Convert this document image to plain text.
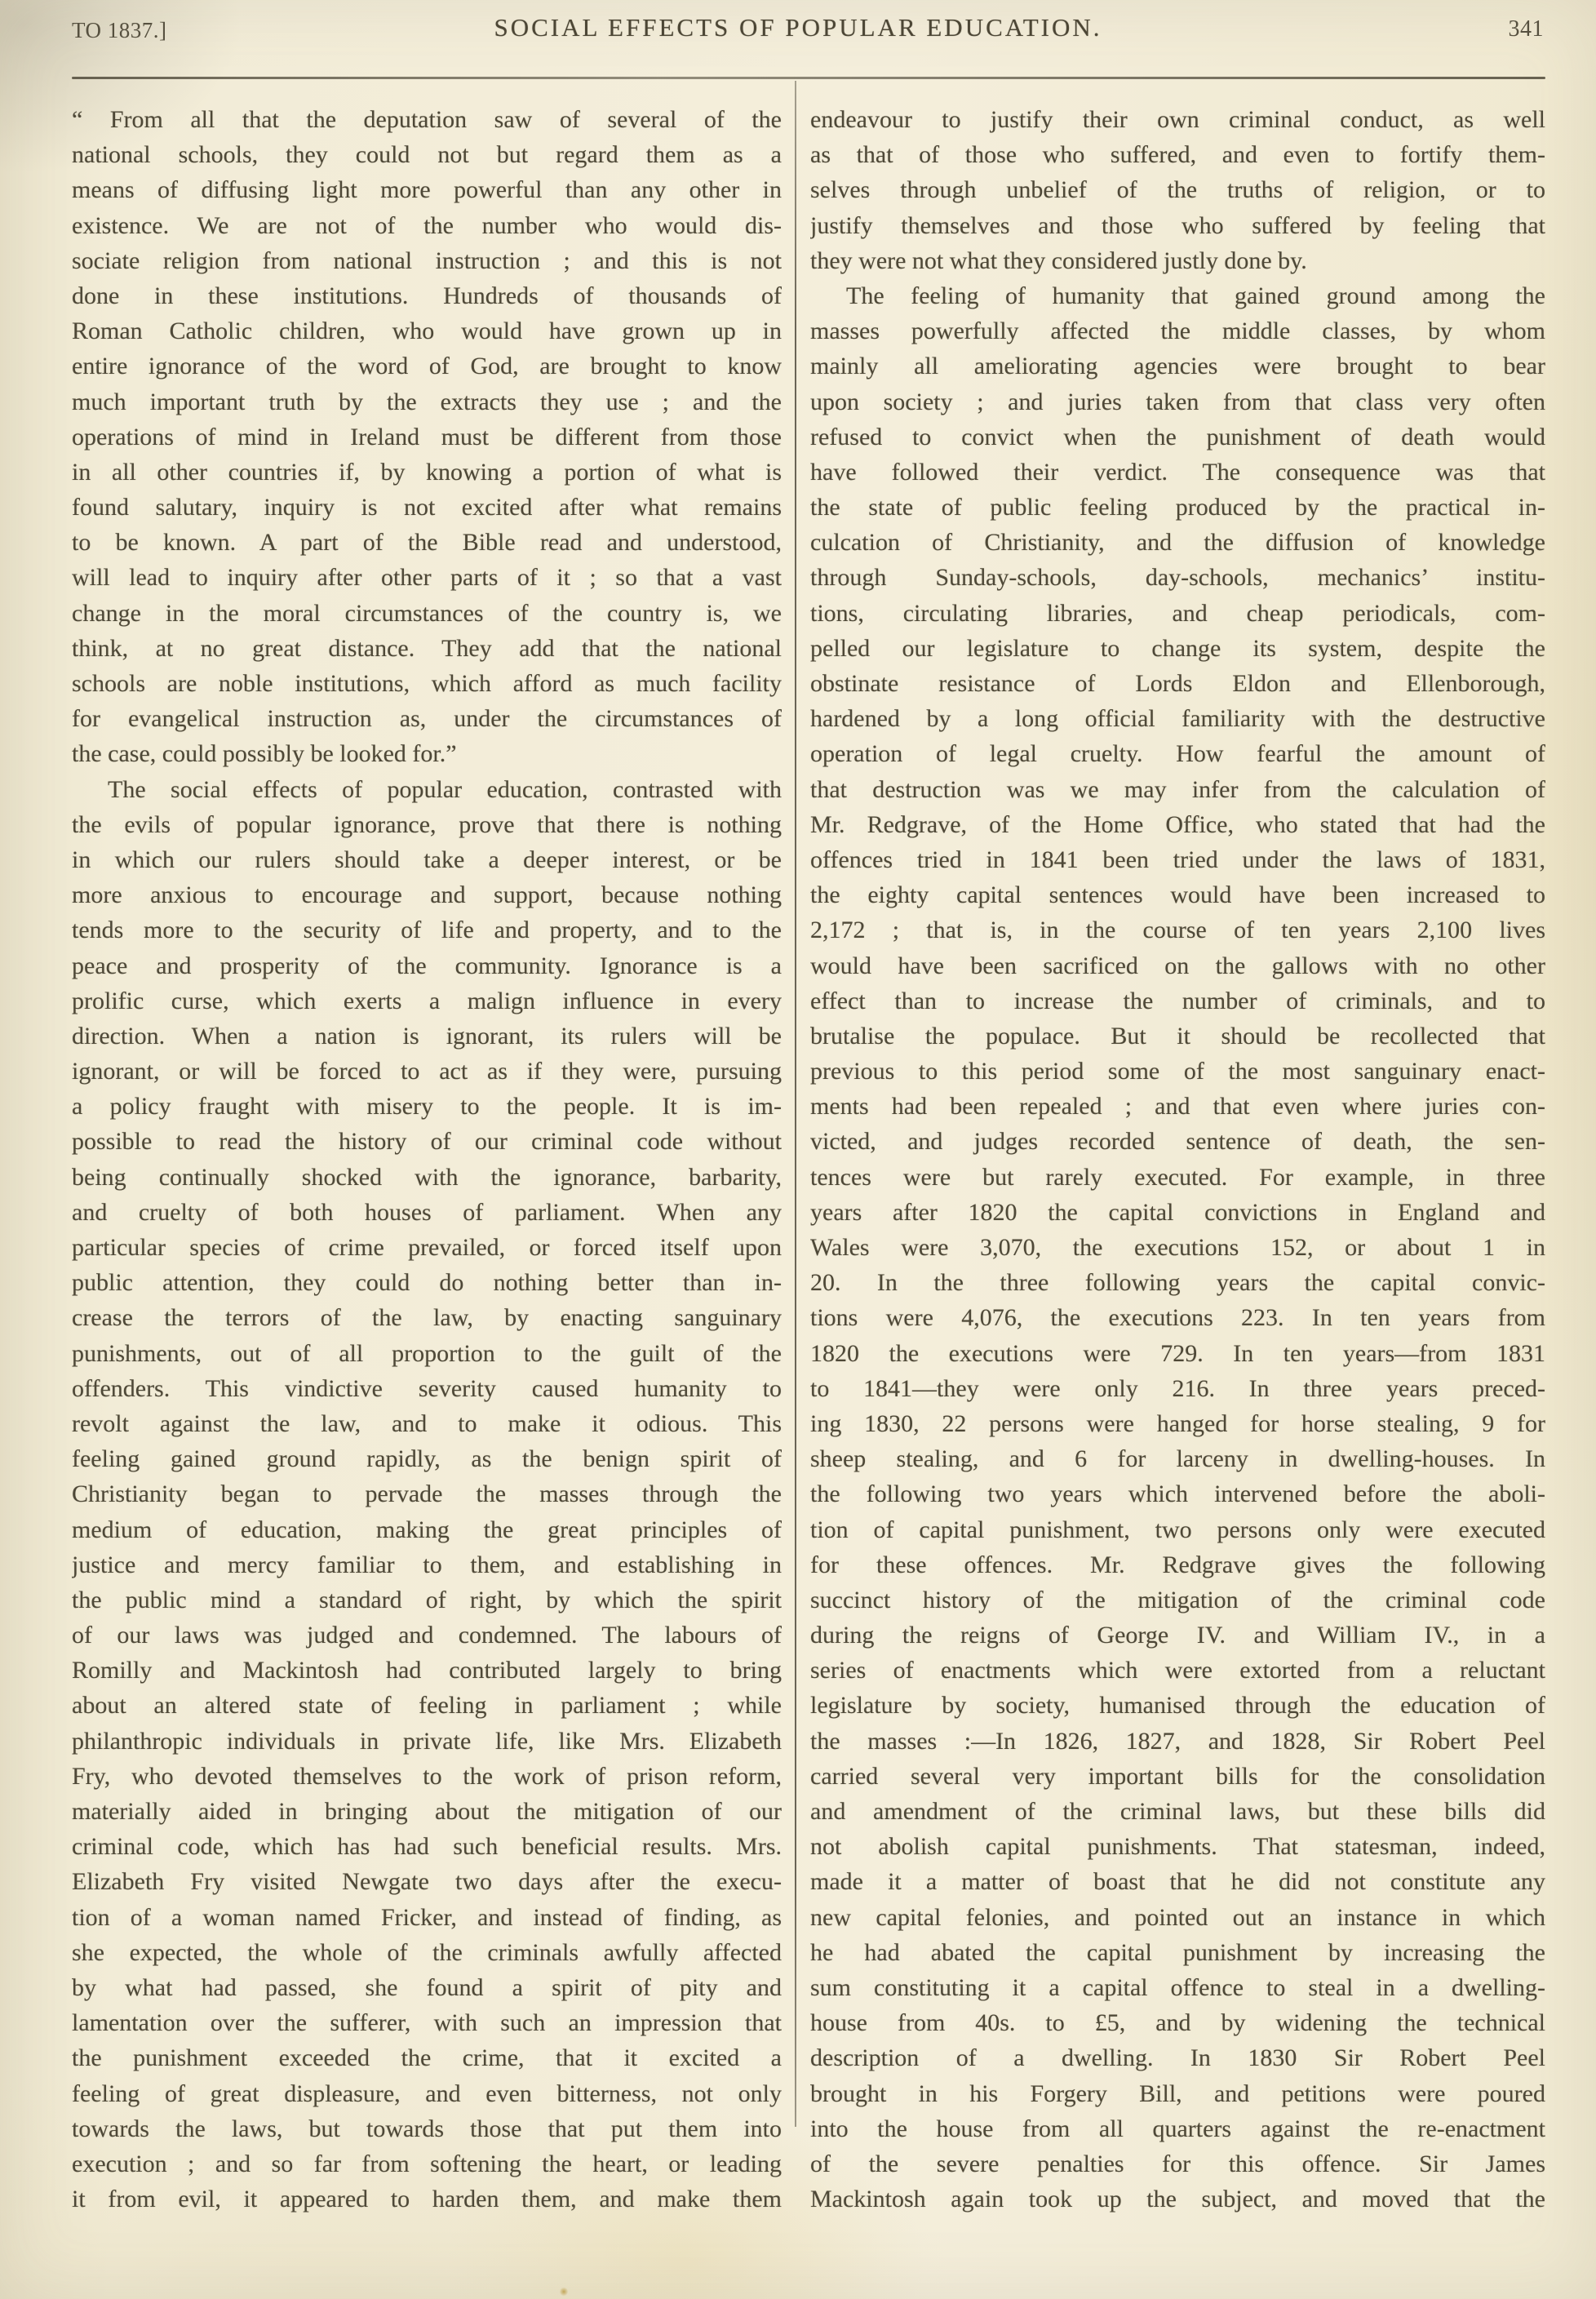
TO 1837.]	SOCIAL EFFECTS OF POPULAR EDUCATION.	341
“ From all that the deputation saw of several of the
national schools, they could not but regard them as a
means of diffusing light more powerful than any other in
existence. We are not of the number who would dis-
sociate religion from national instruction ; and this is not
done in these institutions. Hundreds of thousands of
Roman Catholic children, who would have grown up in
entire ignorance of the word of God, are brought to know
much important truth by the extracts they use ; and the
operations of mind in Ireland must be different from those
in all other countries if, by knowing a portion of what is
found salutary, inquiry is not excited after what remains
to be known. A part of the Bible read and understood,
will lead to inquiry after other parts of it ; so that a vast
change in the moral circumstances of the country is, we
think, at no great distance. They add that the national
schools are noble institutions, which afford as much facility
for evangelical instruction as, under the circumstances of
the case, could possibly be looked for.”
The social effects of popular education, contrasted with
the evils of popular ignorance, prove that there is nothing
in which our rulers should take a deeper interest, or be
more anxious to encourage and support, because nothing
tends more to the security of life and property, and to the
peace and prosperity of the community. Ignorance is a
prolific curse, which exerts a malign influence in every
direction. When a nation is ignorant, its rulers will be
ignorant, or will be forced to act as if they were, pursuing
a policy fraught with misery to the people. It is im-
possible to read the history of our criminal code without
being continually shocked with the ignorance, barbarity,
and cruelty of both houses of parliament. When any
particular species of crime prevailed, or forced itself upon
public attention, they could do nothing better than in-
crease the terrors of the law, by enacting sanguinary
punishments, out of all proportion to the guilt of the
offenders. This vindictive severity caused humanity to
revolt against the law, and to make it odious. This
feeling gained ground rapidly, as the benign spirit of
Christianity began to pervade the masses through the
medium of education, making the great principles of
justice and mercy familiar to them, and establishing in
the public mind a standard of right, by which the spirit
of our laws was judged and condemned. The labours of
Romilly and Mackintosh had contributed largely to bring
about an altered state of feeling in parliament ; while
philanthropic individuals in private life, like Mrs. Elizabeth
Fry, who devoted themselves to the work of prison reform,
materially aided in bringing about the mitigation of our
criminal code, which has had such beneficial results. Mrs.
Elizabeth Fry visited Newgate two days after the execu-
tion of a woman named Fricker, and instead of finding, as
she expected, the whole of the criminals awfully affected
by what had passed, she found a spirit of pity and
lamentation over the sufferer, with such an impression that
the punishment exceeded the crime, that it excited a
feeling of great displeasure, and even bitterness, not only
towards the laws, but towards those that put them into
execution ; and so far from softening the heart, or leading
it from evil, it appeared to harden them, and make them
endeavour to justify their own criminal conduct, as well
as that of those who suffered, and even to fortify them-
selves through unbelief of the truths of religion, or to
justify themselves and those who suffered by feeling that
they were not what they considered justly done by.
The feeling of humanity that gained ground among the
masses powerfully affected the middle classes, by whom
mainly all ameliorating agencies were brought to bear
upon society ; and juries taken from that class very often
refused to convict when the punishment of death would
have followed their verdict. The consequence was that
the state of public feeling produced by the practical in-
culcation of Christianity, and the diffusion of knowledge
through Sunday-schools, day-schools, mechanics’ institu-
tions, circulating libraries, and cheap periodicals, com-
pelled our legislature to change its system, despite the
obstinate resistance of Lords Eldon and Ellenborough,
hardened by a long official familiarity with the destructive
operation of legal cruelty. How fearful the amount of
that destruction was we may infer from the calculation of
Mr. Redgrave, of the Home Office, who stated that had the
offences tried in 1841 been tried under the laws of 1831,
the eighty capital sentences would have been increased to
2,172 ; that is, in the course of ten years 2,100 lives
would have been sacrificed on the gallows with no other
effect than to increase the number of criminals, and to
brutalise the populace. But it should be recollected that
previous to this period some of the most sanguinary enact-
ments had been repealed ; and that even where juries con-
victed, and judges recorded sentence of death, the sen-
tences were but rarely executed. For example, in three
years after 1820 the capital convictions in England and
Wales were 3,070, the executions 152, or about 1 in
20. In the three following years the capital convic-
tions were 4,076, the executions 223. In ten years from
1820 the executions were 729. In ten years—from 1831
to 1841—they were only 216. In three years preced-
ing 1830, 22 persons were hanged for horse stealing, 9 for
sheep stealing, and 6 for larceny in dwelling-houses. In
the following two years which intervened before the aboli-
tion of capital punishment, two persons only were executed
for these offences. Mr. Redgrave gives the following
succinct history of the mitigation of the criminal code
during the reigns of George IV. and William IV., in a
series of enactments which were extorted from a reluctant
legislature by society, humanised through the education of
the masses :—In 1826, 1827, and 1828, Sir Robert Peel
carried several very important bills for the consolidation
and amendment of the criminal laws, but these bills did
not abolish capital punishments. That statesman, indeed,
made it a matter of boast that he did not constitute any
new capital felonies, and pointed out an instance in which
he had abated the capital punishment by increasing the
sum constituting it a capital offence to steal in a dwelling-
house from 40s. to £5, and by widening the technical
description of a dwelling. In 1830 Sir Robert Peel
brought in his Forgery Bill, and petitions were poured
into the house from all quarters against the re-enactment
of the severe penalties for this offence. Sir James
Mackintosh again took up the subject, and moved that the
